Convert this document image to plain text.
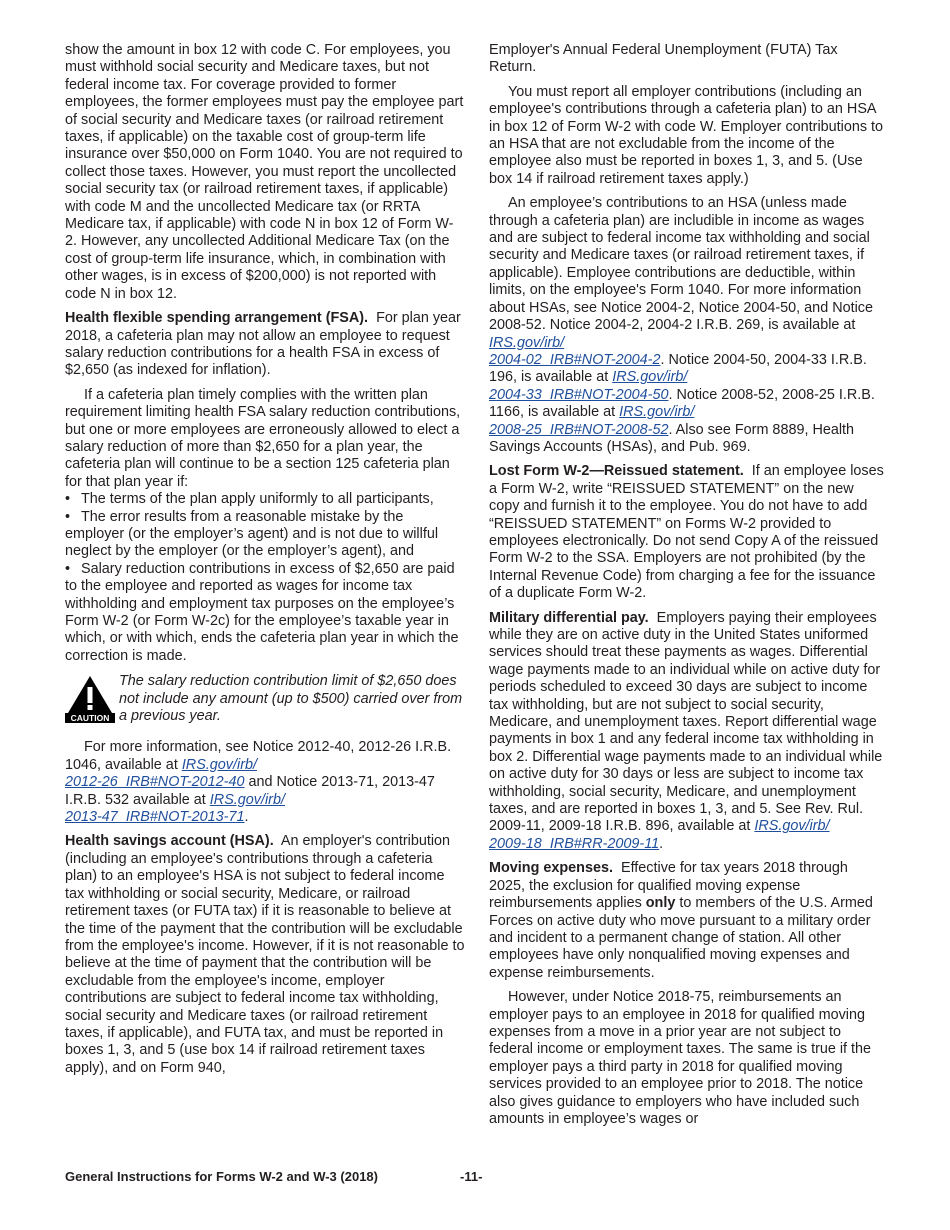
show the amount in box 12 with code C. For employees, you must withhold social security and Medicare taxes, but not federal income tax. For coverage provided to former employees, the former employees must pay the employee part of social security and Medicare taxes (or railroad retirement taxes, if applicable) on the taxable cost of group-term life insurance over $50,000 on Form 1040. You are not required to collect those taxes. However, you must report the uncollected social security tax (or railroad retirement taxes, if applicable) with code M and the uncollected Medicare tax (or RRTA Medicare tax, if applicable) with code N in box 12 of Form W-2. However, any uncollected Additional Medicare Tax (on the cost of group-term life insurance, which, in combination with other wages, is in excess of $200,000) is not reported with code N in box 12.

Health flexible spending arrangement (FSA). For plan year 2018, a cafeteria plan may not allow an employee to request salary reduction contributions for a health FSA in excess of $2,650 (as indexed for inflation).

If a cafeteria plan timely complies with the written plan requirement limiting health FSA salary reduction contributions, but one or more employees are erroneously allowed to elect a salary reduction of more than $2,650 for a plan year, the cafeteria plan will continue to be a section 125 cafeteria plan for that plan year if:

• The terms of the plan apply uniformly to all participants,
• The error results from a reasonable mistake by the employer (or the employer’s agent) and is not due to willful neglect by the employer (or the employer’s agent), and
• Salary reduction contributions in excess of $2,650 are paid to the employee and reported as wages for income tax withholding and employment tax purposes on the employee’s Form W-2 (or Form W-2c) for the employee’s taxable year in which, or with which, ends the cafeteria plan year in which the correction is made.
CAUTION
The salary reduction contribution limit of $2,650 does not include any amount (up to $500) carried over from a previous year.

For more information, see Notice 2012-40, 2012-26 I.R.B. 1046, available at IRS.gov/irb/
2012-26_IRB#NOT-2012-40 and Notice 2013-71, 2013-47 I.R.B. 532 available at IRS.gov/irb/
2013-47_IRB#NOT-2013-71.

Health savings account (HSA). An employer's contribution (including an employee's contributions through a cafeteria plan) to an employee's HSA is not subject to federal income tax withholding or social security, Medicare, or railroad retirement taxes (or FUTA tax) if it is reasonable to believe at the time of the payment that the contribution will be excludable from the employee's income. However, if it is not reasonable to believe at the time of payment that the contribution will be excludable from the employee's income, employer contributions are subject to federal income tax withholding, social security and Medicare taxes (or railroad retirement taxes, if applicable), and FUTA tax, and must be reported in boxes 1, 3, and 5 (use box 14 if railroad retirement taxes apply), and on Form 940,

Employer's Annual Federal Unemployment (FUTA) Tax Return.

You must report all employer contributions (including an employee's contributions through a cafeteria plan) to an HSA in box 12 of Form W-2 with code W. Employer contributions to an HSA that are not excludable from the income of the employee also must be reported in boxes 1, 3, and 5. (Use box 14 if railroad retirement taxes apply.)

An employee’s contributions to an HSA (unless made through a cafeteria plan) are includible in income as wages and are subject to federal income tax withholding and social security and Medicare taxes (or railroad retirement taxes, if applicable). Employee contributions are deductible, within limits, on the employee's Form 1040. For more information about HSAs, see Notice 2004-2, Notice 2004-50, and Notice 2008-52. Notice 2004-2, 2004-2 I.R.B. 269, is available at IRS.gov/irb/
2004-02_IRB#NOT-2004-2. Notice 2004-50, 2004-33 I.R.B. 196, is available at IRS.gov/irb/
2004-33_IRB#NOT-2004-50. Notice 2008-52, 2008-25 I.R.B. 1166, is available at IRS.gov/irb/
2008-25_IRB#NOT-2008-52. Also see Form 8889, Health Savings Accounts (HSAs), and Pub. 969.

Lost Form W-2—Reissued statement. If an employee loses a Form W-2, write “REISSUED STATEMENT” on the new copy and furnish it to the employee. You do not have to add “REISSUED STATEMENT” on Forms W-2 provided to employees electronically. Do not send Copy A of the reissued Form W-2 to the SSA. Employers are not prohibited (by the Internal Revenue Code) from charging a fee for the issuance of a duplicate Form W-2.

Military differential pay. Employers paying their employees while they are on active duty in the United States uniformed services should treat these payments as wages. Differential wage payments made to an individual while on active duty for periods scheduled to exceed 30 days are subject to income tax withholding, but are not subject to social security, Medicare, and unemployment taxes. Report differential wage payments in box 1 and any federal income tax withholding in box 2. Differential wage payments made to an individual while on active duty for 30 days or less are subject to income tax withholding, social security, Medicare, and unemployment taxes, and are reported in boxes 1, 3, and 5. See Rev. Rul. 2009-11, 2009-18 I.R.B. 896, available at IRS.gov/irb/
2009-18_IRB#RR-2009-11.

Moving expenses. Effective for tax years 2018 through 2025, the exclusion for qualified moving expense reimbursements applies only to members of the U.S. Armed Forces on active duty who move pursuant to a military order and incident to a permanent change of station. All other employees have only nonqualified moving expenses and expense reimbursements.

However, under Notice 2018-75, reimbursements an employer pays to an employee in 2018 for qualified moving expenses from a move in a prior year are not subject to federal income or employment taxes. The same is true if the employer pays a third party in 2018 for qualified moving services provided to an employee prior to 2018. The notice also gives guidance to employers who have included such amounts in employee’s wages or

General Instructions for Forms W-2 and W-3 (2018)	-11-
